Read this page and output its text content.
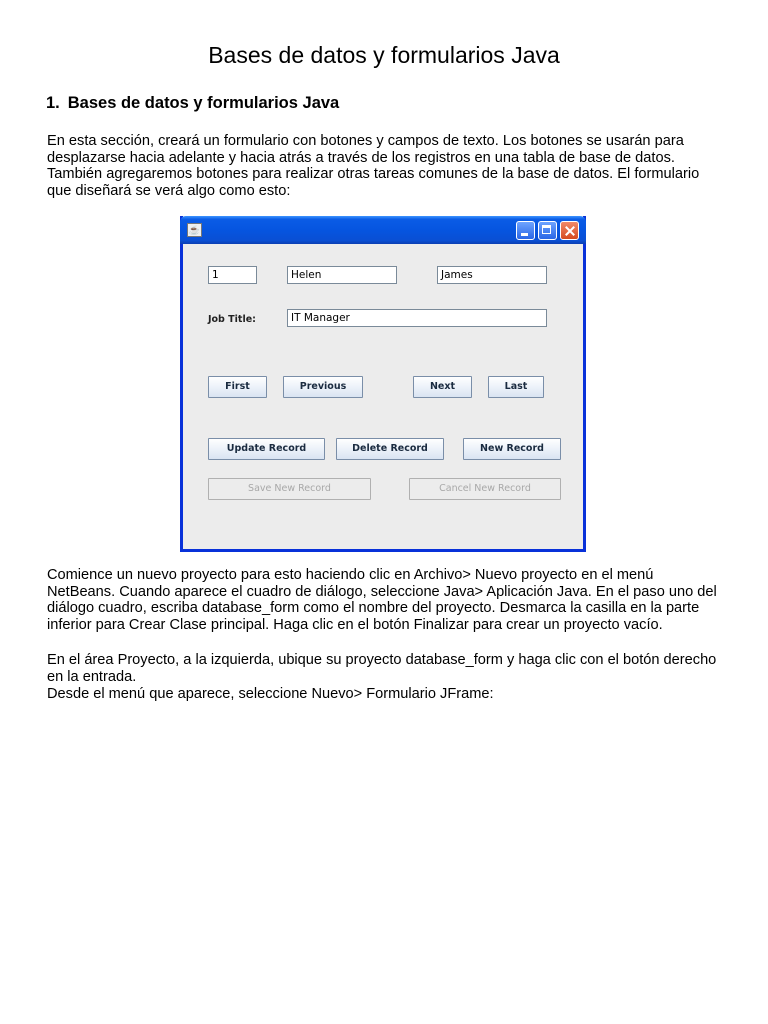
Bases de datos y formularios Java
1. Bases de datos y formularios Java

En esta sección, creará un formulario con botones y campos de texto. Los botones se usarán para desplazarse hacia adelante y hacia atrás a través de los registros en una tabla de base de datos. También agregaremos botones para realizar otras tareas comunes de la base de datos. El formulario que diseñará se verá algo como esto:

☕
1	Helen	James
Job Title:	IT Manager
First	Previous	Next	Last
Update Record	Delete Record	New Record
Save New Record	Cancel New Record

Comience un nuevo proyecto para esto haciendo clic en Archivo> Nuevo proyecto en el menú NetBeans. Cuando aparece el cuadro de diálogo, seleccione Java> Aplicación Java. En el paso uno del diálogo cuadro, escriba database_form como el nombre del proyecto. Desmarca la casilla en la parte inferior para Crear Clase principal. Haga clic en el botón Finalizar para crear un proyecto vacío.

En el área Proyecto, a la izquierda, ubique su proyecto database_form y haga clic con el botón derecho en la entrada.

Desde el menú que aparece, seleccione Nuevo> Formulario JFrame:
